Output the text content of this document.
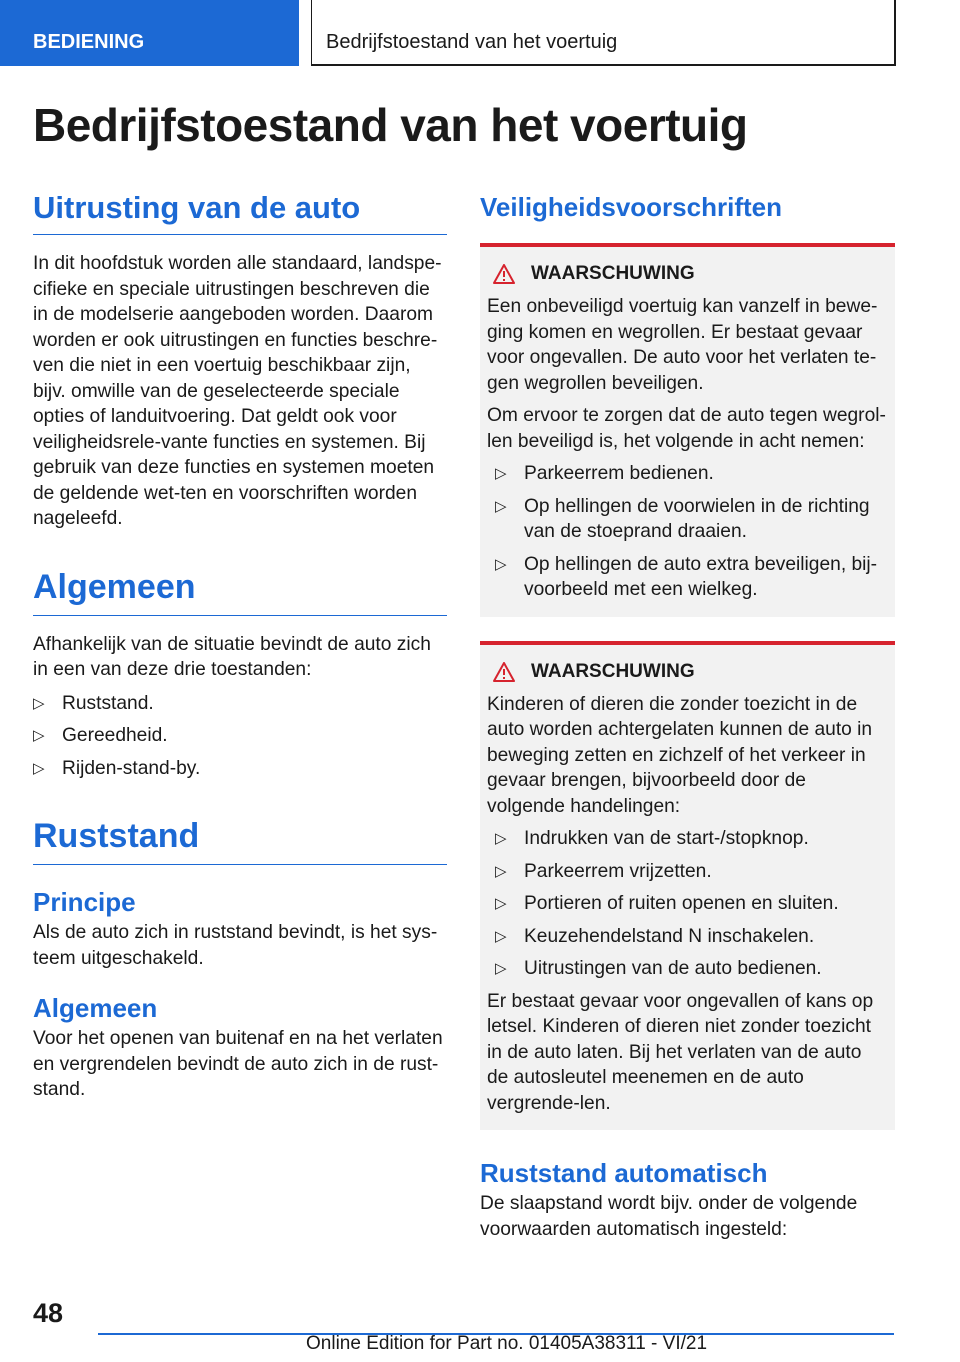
BEDIENING	Bedrijfstoestand van het voertuig
Bedrijfstoestand van het voertuig
Uitrusting van de auto

In dit hoofdstuk worden alle standaard, landspe-cifieke en speciale uitrustingen beschreven die in de modelserie aangeboden worden. Daarom worden er ook uitrustingen en functies beschre-ven die niet in een voertuig beschikbaar zijn, bijv. omwille van de geselecteerde speciale opties of landuitvoering. Dat geldt ook voor veiligheidsrele-vante functies en systemen. Bij gebruik van deze functies en systemen moeten de geldende wet-ten en voorschriften worden nageleefd.

Algemeen

Afhankelijk van de situatie bevindt de auto zich in een van deze drie toestanden:

▷ Ruststand.
▷ Gereedheid.
▷ Rijden-stand-by.
Ruststand
Principe

Als de auto zich in ruststand bevindt, is het sys-teem uitgeschakeld.

Algemeen

Voor het openen van buitenaf en na het verlaten en vergrendelen bevindt de auto zich in de rust-stand.

Veiligheidsvoorschriften
WAARSCHUWING

Een onbeveiligd voertuig kan vanzelf in bewe-ging komen en wegrollen. Er bestaat gevaar voor ongevallen. De auto voor het verlaten te-gen wegrollen beveiligen.

Om ervoor te zorgen dat de auto tegen wegrol-len beveiligd is, het volgende in acht nemen:

▷ Parkeerrem bedienen.
▷ Op hellingen de voorwielen in de richting van de stoeprand draaien.
▷ Op hellingen de auto extra beveiligen, bij-voorbeeld met een wielkeg.
WAARSCHUWING

Kinderen of dieren die zonder toezicht in de auto worden achtergelaten kunnen de auto in beweging zetten en zichzelf of het verkeer in gevaar brengen, bijvoorbeeld door de volgende handelingen:

▷ Indrukken van de start-/stopknop.
▷ Parkeerrem vrijzetten.
▷ Portieren of ruiten openen en sluiten.
▷ Keuzehendelstand N inschakelen.
▷ Uitrustingen van de auto bedienen.

Er bestaat gevaar voor ongevallen of kans op letsel. Kinderen of dieren niet zonder toezicht in de auto laten. Bij het verlaten van de auto de autosleutel meenemen en de auto vergrende-len.

Ruststand automatisch

De slaapstand wordt bijv. onder de volgende voorwaarden automatisch ingesteld:

48
Online Edition for Part no. 01405A38311 - VI/21
